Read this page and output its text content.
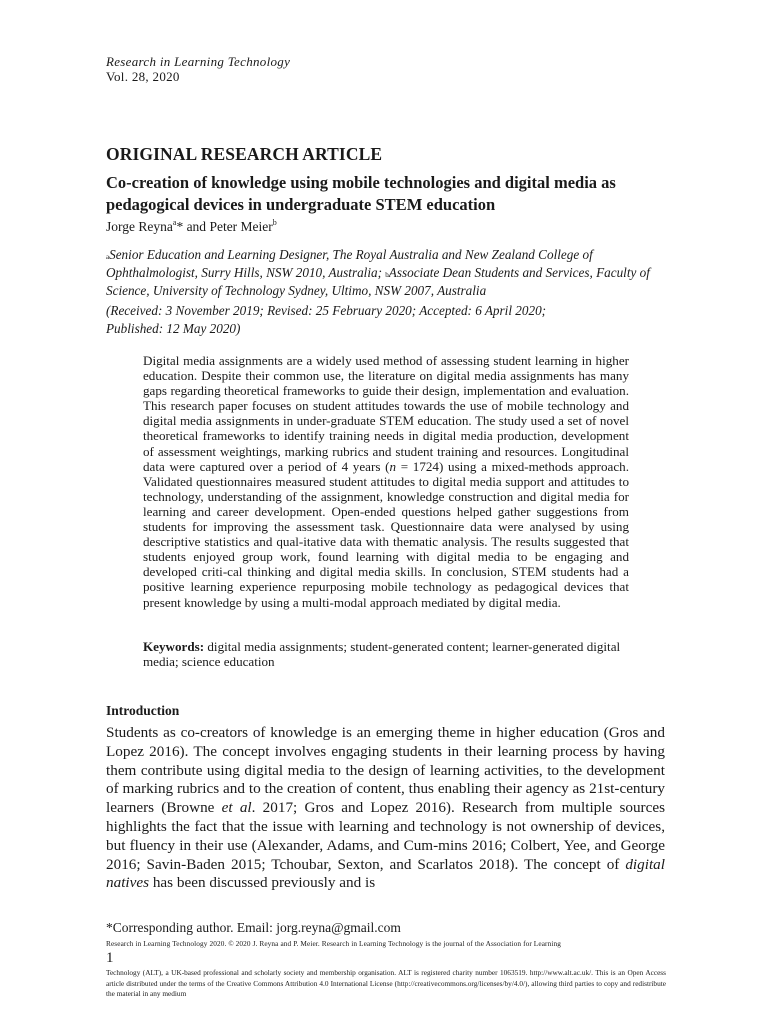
Research in Learning Technology
Vol. 28, 2020
ORIGINAL RESEARCH ARTICLE
Co-creation of knowledge using mobile technologies and digital media as pedagogical devices in undergraduate STEM education
Jorge Reyna$^a$* and Peter Meier$^b$
$^a$Senior Education and Learning Designer, The Royal Australia and New Zealand College of Ophthalmologist, Surry Hills, NSW 2010, Australia; $^b$Associate Dean Students and Services, Faculty of Science, University of Technology Sydney, Ultimo, NSW 2007, Australia
(Received: 3 November 2019; Revised: 25 February 2020; Accepted: 6 April 2020; Published: 12 May 2020)
Digital media assignments are a widely used method of assessing student learning in higher education. Despite their common use, the literature on digital media assignments has many gaps regarding theoretical frameworks to guide their design, implementation and evaluation. This research paper focuses on student attitudes towards the use of mobile technology and digital media assignments in under-graduate STEM education. The study used a set of novel theoretical frameworks to identify training needs in digital media production, development of assessment weightings, marking rubrics and student training and resources. Longitudinal data were captured over a period of 4 years (n = 1724) using a mixed-methods approach. Validated questionnaires measured student attitudes to digital media support and attitudes to technology, understanding of the assignment, knowledge construction and digital media for learning and career development. Open-ended questions helped gather suggestions from students for improving the assessment task. Questionnaire data were analysed by using descriptive statistics and qual-itative data with thematic analysis. The results suggested that students enjoyed group work, found learning with digital media to be engaging and developed criti-cal thinking and digital media skills. In conclusion, STEM students had a positive learning experience repurposing mobile technology as pedagogical devices that present knowledge by using a multi-modal approach mediated by digital media.
Keywords: digital media assignments; student-generated content; learner-generated digital media; science education
Introduction
Students as co-creators of knowledge is an emerging theme in higher education (Gros and Lopez 2016). The concept involves engaging students in their learning process by having them contribute using digital media to the design of learning activities, to the development of marking rubrics and to the creation of content, thus enabling their agency as 21st-century learners (Browne et al. 2017; Gros and Lopez 2016). Research from multiple sources highlights the fact that the issue with learning and technology is not ownership of devices, but fluency in their use (Alexander, Adams, and Cum-mins 2016; Colbert, Yee, and George 2016; Savin-Baden 2015; Tchoubar, Sexton, and Scarlatos 2018). The concept of digital natives has been discussed previously and is
*Corresponding author. Email: jorg.reyna@gmail.com
Research in Learning Technology 2020. © 2020 J. Reyna and P. Meier. Research in Learning Technology is the journal of the Association for Learning
1
Technology (ALT), a UK-based professional and scholarly society and membership organisation. ALT is registered charity number 1063519. http://www.alt.ac.uk/. This is an Open Access article distributed under the terms of the Creative Commons Attribution 4.0 International License (http://creativecommons.org/licenses/by/4.0/), allowing third parties to copy and redistribute the material in any medium
